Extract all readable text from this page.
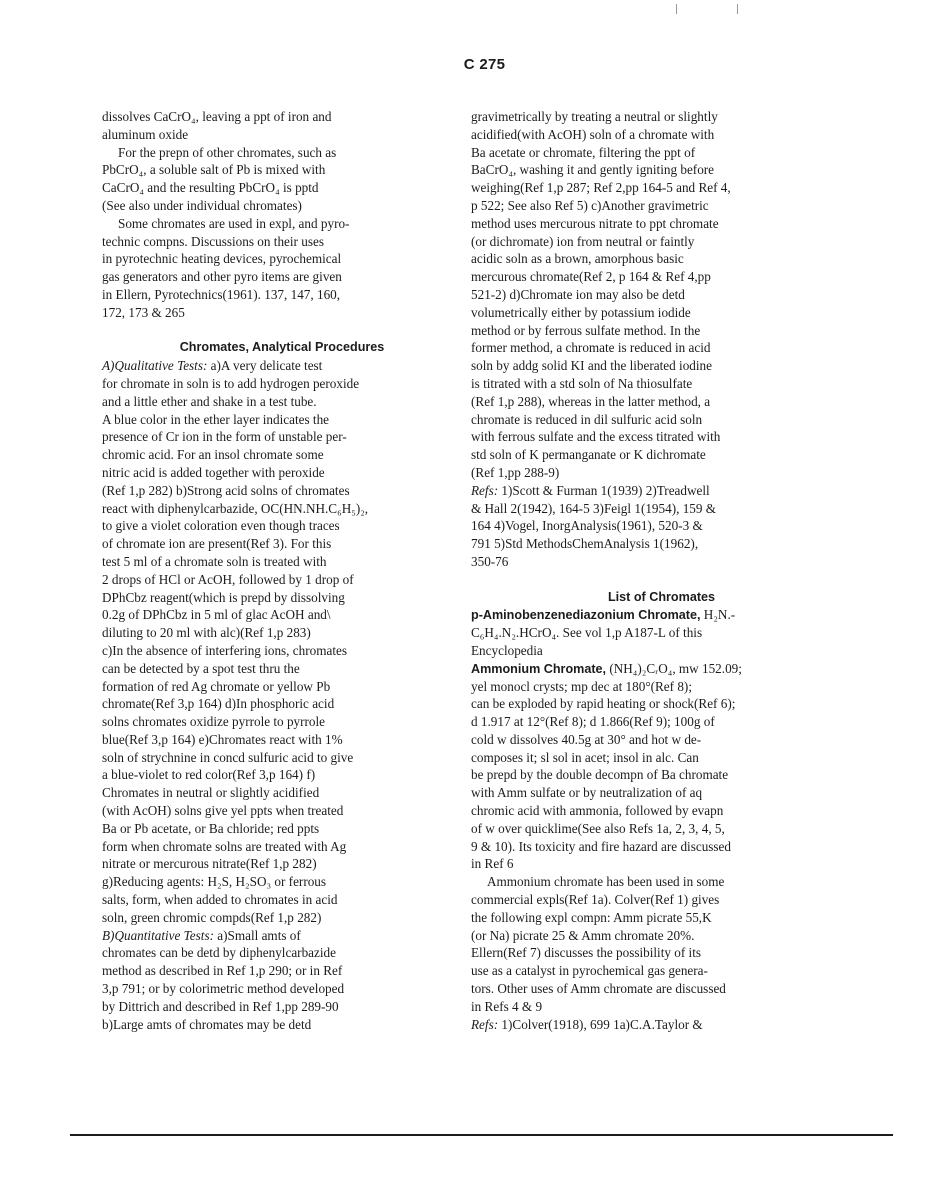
C 275
dissolves CaCrO₄, leaving a ppt of iron and
aluminum oxide
For the prepn of other chromates, such as
PbCrO₄, a soluble salt of Pb is mixed with
CaCrO₄ and the resulting PbCrO₄ is pptd
(See also under individual chromates)
Some chromates are used in expl, and pyro-
technic compns. Discussions on their uses
in pyrotechnic heating devices, pyrochemical
gas generators and other pyro items are given
in Ellern, Pyrotechnics(1961). 137, 147, 160,
172, 173 & 265
Chromates, Analytical Procedures
A)Qualitative Tests: a)A very delicate test
for chromate in soln is to add hydrogen peroxide
and a little ether and shake in a test tube.
A blue color in the ether layer indicates the
presence of Cr ion in the form of unstable per-
chromic acid. For an insol chromate some
nitric acid is added together with peroxide
(Ref 1,p 282) b)Strong acid solns of chromates
react with diphenylcarbazide, OC(HN.NH.C₆H₅)₂,
to give a violet coloration even though traces
of chromate ion are present(Ref 3). For this
test 5 ml of a chromate soln is treated with
2 drops of HCl or AcOH, followed by 1 drop of
DPhCbz reagent(which is prepd by dissolving
0.2g of DPhCbz in 5 ml of glac AcOH and\
diluting to 20 ml with alc)(Ref 1,p 283)
c)In the absence of interfering ions, chromates
can be detected by a spot test thru the
formation of red Ag chromate or yellow Pb
chromate(Ref 3,p 164) d)In phosphoric acid
solns chromates oxidize pyrrole to pyrrole
blue(Ref 3,p 164) e)Chromates react with 1%
soln of strychnine in concd sulfuric acid to give
a blue-violet to red color(Ref 3,p 164) f)
Chromates in neutral or slightly acidified
(with AcOH) solns give yel ppts when treated
Ba or Pb acetate, or Ba chloride; red ppts
form when chromate solns are treated with Ag
nitrate or mercurous nitrate(Ref 1,p 282)
g)Reducing agents: H₂S, H₂SO₃ or ferrous
salts, form, when added to chromates in acid
soln, green chromic compds(Ref 1,p 282)
B)Quantitative Tests: a)Small amts of
chromates can be detd by diphenylcarbazide
method as described in Ref 1,p 290; or in Ref
3,p 791; or by colorimetric method developed
by Dittrich and described in Ref 1,pp 289-90
b)Large amts of chromates may be detd
gravimetrically by treating a neutral or slightly
acidified(with AcOH) soln of a chromate with
Ba acetate or chromate, filtering the ppt of
BaCrO₄, washing it and gently igniting before
weighing(Ref 1,p 287; Ref 2,pp 164-5 and Ref 4,
p 522; See also Ref 5) c)Another gravimetric
method uses mercurous nitrate to ppt chromate
(or dichromate) ion from neutral or faintly
acidic soln as a brown, amorphous basic
mercurous chromate(Ref 2, p 164 & Ref 4,pp
521-2) d)Chromate ion may also be detd
volumetrically either by potassium iodide
method or by ferrous sulfate method. In the
former method, a chromate is reduced in acid
soln by addg solid KI and the liberated iodine
is titrated with a std soln of Na thiosulfate
(Ref 1,p 288), whereas in the latter method, a
chromate is reduced in dil sulfuric acid soln
with ferrous sulfate and the excess titrated with
std soln of K permanganate or K dichromate
(Ref 1,pp 288-9)
Refs: 1)Scott & Furman 1(1939) 2)Treadwell
& Hall 2(1942), 164-5 3)Feigl 1(1954), 159 &
164 4)Vogel, InorgAnalysis(1961), 520-3 &
791 5)Std MethodsChemAnalysis 1(1962),
350-76
List of Chromates
p-Aminobenzenediazonium Chromate, H₂N.-
C₆H₄.N₂.HCrO₄. See vol 1,p A187-L of this
Encyclopedia
Ammonium Chromate, (NH₄)₂CᵣO₄, mw 152.09;
yel monocl crysts; mp dec at 180°(Ref 8);
can be exploded by rapid heating or shock(Ref 6);
d 1.917 at 12°(Ref 8); d 1.866(Ref 9); 100g of
cold w dissolves 40.5g at 30° and hot w de-
composes it; sl sol in acet; insol in alc. Can
be prepd by the double decompn of Ba chromate
with Amm sulfate or by neutralization of aq
chromic acid with ammonia, followed by evapn
of w over quicklime(See also Refs 1a, 2, 3, 4, 5,
9 & 10). Its toxicity and fire hazard are discussed
in Ref 6
Ammonium chromate has been used in some
commercial expls(Ref 1a). Colver(Ref 1) gives
the following expl compn: Amm picrate 55,K
(or Na) picrate 25 & Amm chromate 20%.
Ellern(Ref 7) discusses the possibility of its
use as a catalyst in pyrochemical gas genera-
tors. Other uses of Amm chromate are discussed
in Refs 4 & 9
Refs: 1)Colver(1918), 699 1a)C.A.Taylor &
